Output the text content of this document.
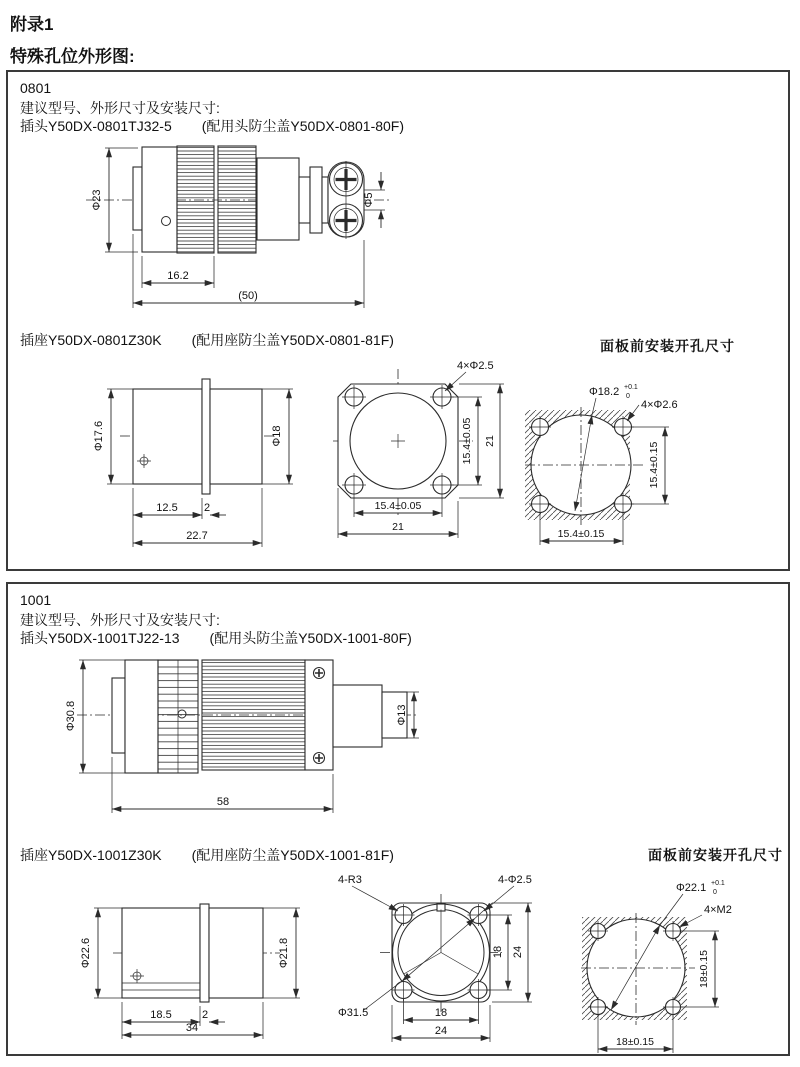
附录1
特殊孔位外形图:
0801
建议型号、外形尺寸及安装尺寸:
插头Y50DX-0801TJ32-5 (配用头防尘盖Y50DX-0801-80F)
Φ23	Φ5
16.2
(50)
插座Y50DX-0801Z30K (配用座防尘盖Y50DX-0801-81F)	面板前安装开孔尺寸
Φ17.6	Φ18
12.5 2
22.7
4×Φ2.5
15.4±0.05 21
15.4±0.05
21
Φ18.2 +0.1
0
4×Φ2.6
15.4±0.15
15.4±0.15
1001
建议型号、外形尺寸及安装尺寸:
插头Y50DX-1001TJ22-13 (配用头防尘盖Y50DX-1001-80F)
Φ30.8	Φ13
58
插座Y50DX-1001Z30K (配用座防尘盖Y50DX-1001-81F)	面板前安装开孔尺寸
Φ22.6	Φ21.8
18.5	2
34
4-R3	4-Φ2.5
Φ31.5
18 24
18
24
Φ22.1 +0.1
0
4×M2
18±0.15
18±0.15
